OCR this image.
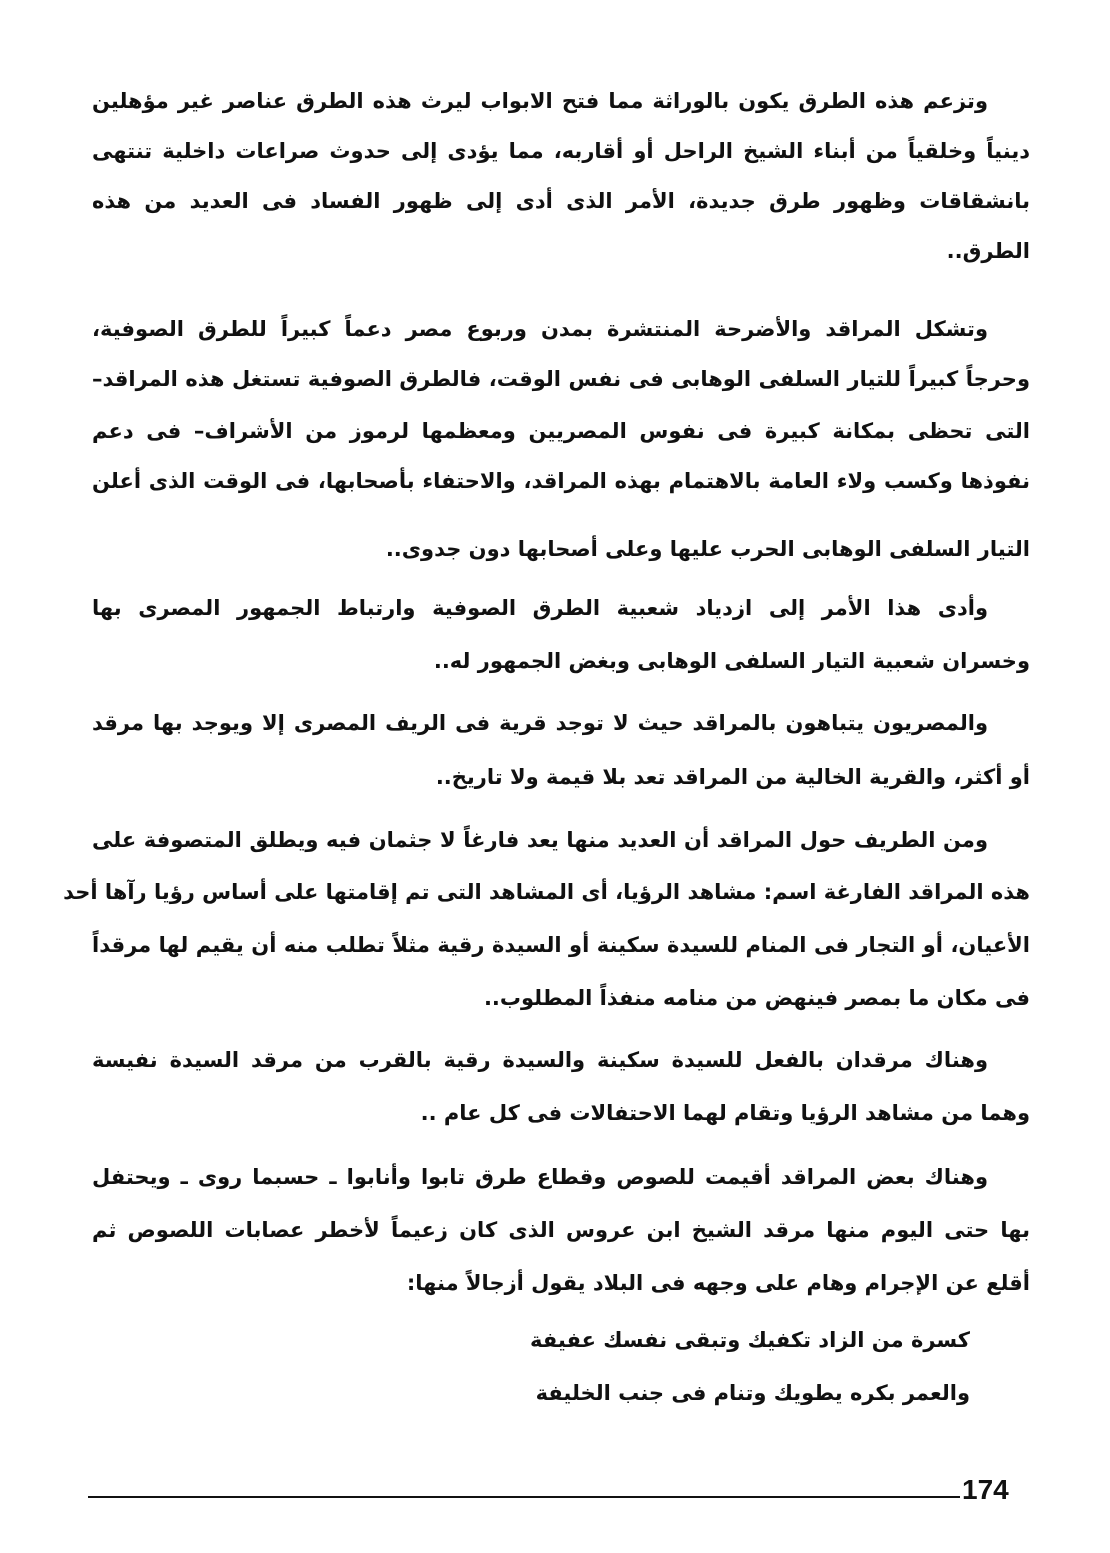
وتزعم هذه الطرق يكون بالوراثة مما فتح الابواب ليرث هذه الطرق عناصر غير مؤهلين
دينياً وخلقياً من أبناء الشيخ الراحل أو أقاربه، مما يؤدى إلى حدوث صراعات داخلية تنتهى
بانشقاقات وظهور طرق جديدة، الأمر الذى أدى إلى ظهور الفساد فى العديد من هذه
الطرق..
وتشكل المراقد والأضرحة المنتشرة بمدن وربوع مصر دعماً كبيراً للطرق الصوفية،
وحرجاً كبيراً للتيار السلفى الوهابى فى نفس الوقت، فالطرق الصوفية تستغل هذه المراقد–
التى تحظى بمكانة كبيرة فى نفوس المصريين ومعظمها لرموز من الأشراف– فى دعم
نفوذها وكسب ولاء العامة بالاهتمام بهذه المراقد، والاحتفاء بأصحابها، فى الوقت الذى أعلن
التيار السلفى الوهابى الحرب عليها وعلى أصحابها دون جدوى..
وأدى هذا الأمر إلى ازدياد شعبية الطرق الصوفية وارتباط الجمهور المصرى بها
وخسران شعبية التيار السلفى الوهابى وبغض الجمهور له..
والمصريون يتباهون بالمراقد حيث لا توجد قرية فى الريف المصرى إلا ويوجد بها مرقد
أو أكثر، والقرية الخالية من المراقد تعد بلا قيمة ولا تاريخ..
ومن الطريف حول المراقد أن العديد منها يعد فارغاً لا جثمان فيه ويطلق المتصوفة على
هذه المراقد الفارغة اسم: مشاهد الرؤيا، أى المشاهد التى تم إقامتها على أساس رؤيا رآها أحد
الأعيان، أو التجار فى المنام للسيدة سكينة أو السيدة رقية مثلاً تطلب منه أن يقيم لها مرقداً
فى مكان ما بمصر فينهض من منامه منفذاً المطلوب..
وهناك مرقدان بالفعل للسيدة سكينة والسيدة رقية بالقرب من مرقد السيدة نفيسة
وهما من مشاهد الرؤيا وتقام لهما الاحتفالات فى كل عام ..
وهناك بعض المراقد أقيمت للصوص وقطاع طرق تابوا وأنابوا ـ حسبما روى ـ ويحتفل
بها حتى اليوم منها مرقد الشيخ ابن عروس الذى كان زعيماً لأخطر عصابات اللصوص ثم
أقلع عن الإجرام وهام على وجهه فى البلاد يقول أزجالاً منها:
كسرة من الزاد تكفيك وتبقى نفسك عفيفة
والعمر بكره يطويك وتنام فى جنب الخليفة
174
